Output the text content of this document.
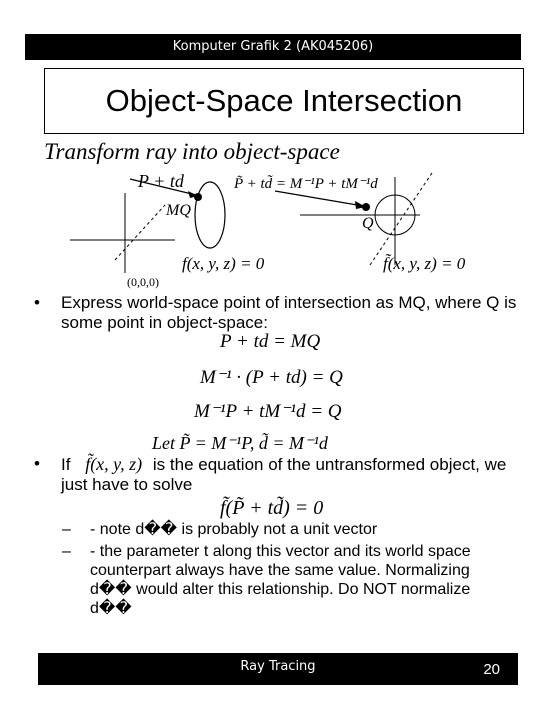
Komputer Grafik 2 (AK045206)
Object-Space Intersection
Transform ray into object-space
P + td
MQ
(0,0,0)
f(x, y, z) = 0
P̃ + td̃ = M⁻¹P + tM⁻¹d
Q
f̃(x, y, z) = 0
• Express world-space point of intersection as MQ, where Q is some point in object-space:
P + td = MQ
M⁻¹ · (P + td) = Q
M⁻¹P + tM⁻¹d = Q
Let P̃ = M⁻¹P, d̃ = M⁻¹d
• If f̃(x, y, z) is the equation of the untransformed object, we just have to solve
f̃(P̃ + td̃) = 0
– - note d�� is probably not a unit vector
– - the parameter t along this vector and its world space counterpart always have the same value. Normalizing d�� would alter this relationship. Do NOT normalize d��
Ray Tracing	20
